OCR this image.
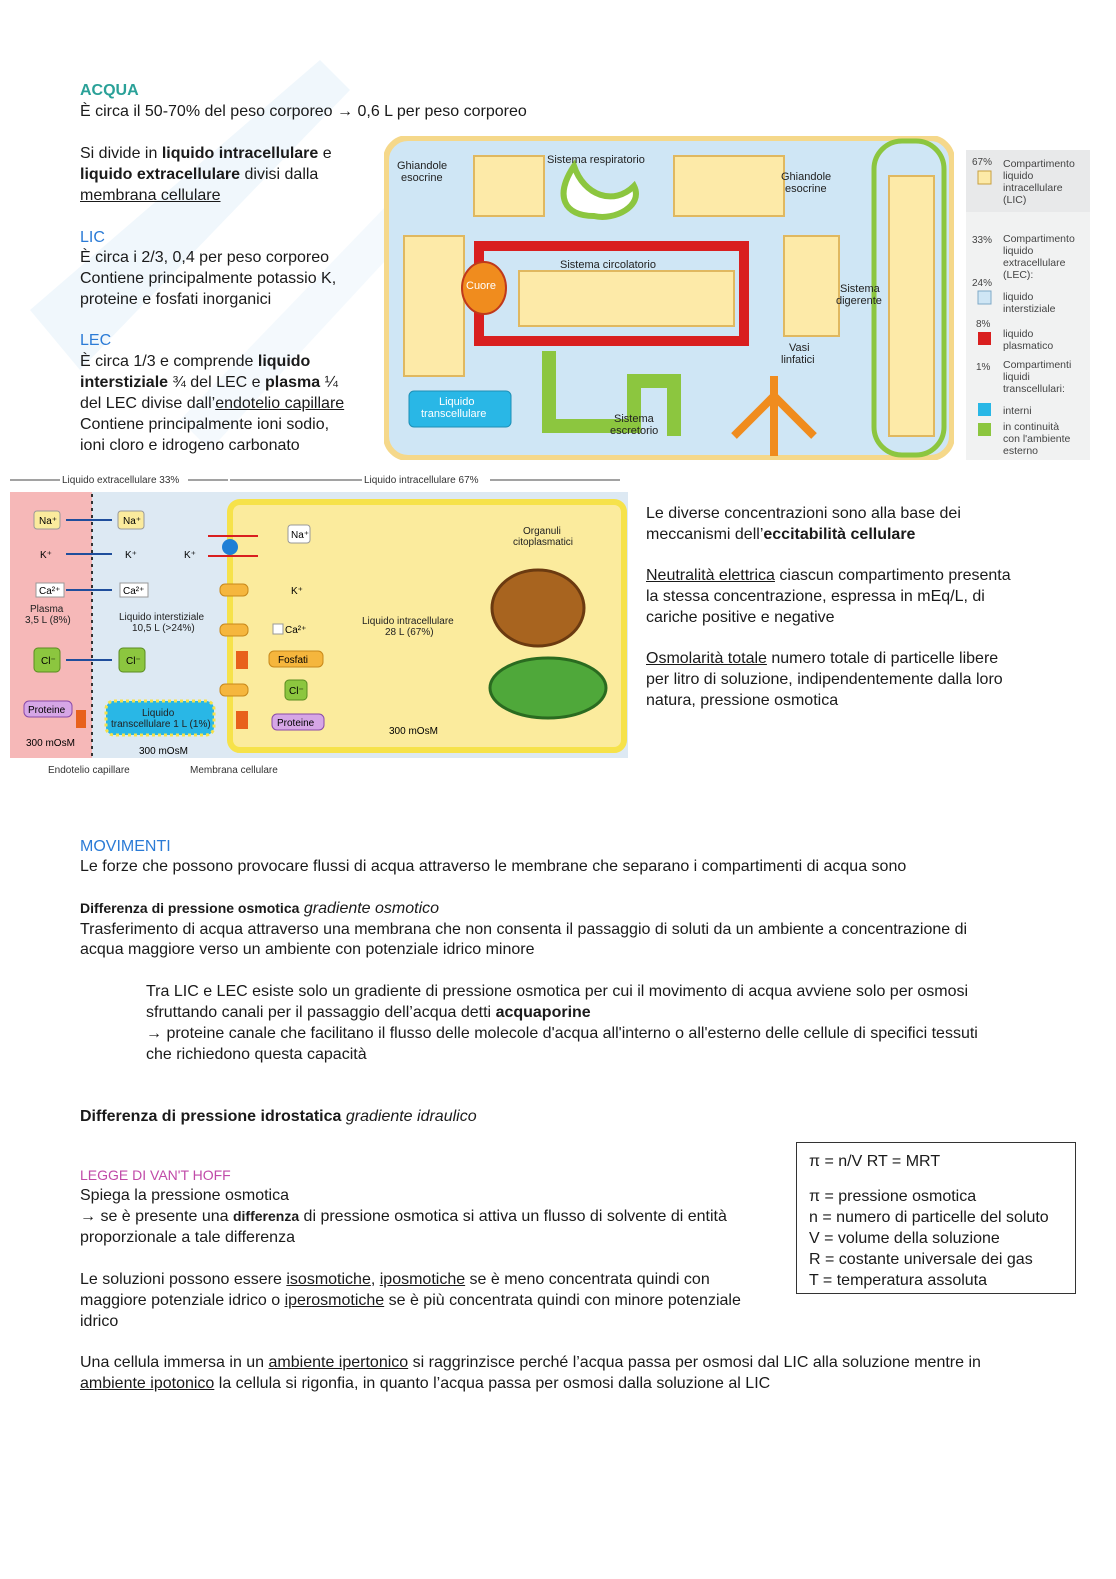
ACQUA
È circa il 50-70% del peso corporeo → 0,6 L per peso corporeo
Si divide in liquido intracellulare e
liquido extracellulare divisi dalla
membrana cellulare
LIC
È circa i 2/3, 0,4 per peso corporeo
Contiene principalmente potassio K,
proteine e fosfati inorganici
LEC
È circa 1/3 e comprende liquido
interstiziale ¾ del LEC e plasma ¼
del LEC divise dall’endotelio capillare
Contiene principalmente ioni sodio,
ioni cloro e idrogeno carbonato
Ghiandole esocrine
Sistema respiratorio
Ghiandole esocrine
Sistema circolatorio
Cuore	Sistema digerente
Vasi linfatici
Liquido transcellulare	Sistema escretorio
67% Compartimento liquido intracellulare (LIC)
33% Compartimento liquido extracellulare (LEC):
24%
liquido interstiziale
8%
liquido plasmatico
1% Compartimenti liquidi transcellulari:
interni
in continuità con l'ambiente esterno
Liquido extracellulare 33%	Liquido intracellulare 67%
Na⁺	Na⁺
Na⁺
K⁺	K⁺	K⁺
K⁺
Ca²⁺	Ca²⁺
Ca²⁺
Plasma 3,5 L (8%)	Liquido interstiziale 10,5 L (>24%)
Liquido intracellulare 28 L (67%)
Cl⁻	Cl⁻
Cl⁻
Fosfati
Proteine
Proteine
Liquido transcellulare 1 L (1%)
300 mOsM
300 mOsM
300 mOsM
Organuli citoplasmatici
Endotelio capillare	Membrana cellulare
Le diverse concentrazioni sono alla base dei
meccanismi dell’eccitabilità cellulare
Neutralità elettrica ciascun compartimento presenta
la stessa concentrazione, espressa in mEq/L, di
cariche positive e negative
Osmolarità totale numero totale di particelle libere
per litro di soluzione, indipendentemente dalla loro
natura, pressione osmotica
MOVIMENTI
Le forze che possono provocare flussi di acqua attraverso le membrane che separano i compartimenti di acqua sono
Differenza di pressione osmotica gradiente osmotico
Trasferimento di acqua attraverso una membrana che non consenta il passaggio di soluti da un ambiente a concentrazione di
acqua maggiore verso un ambiente con potenziale idrico minore
Tra LIC e LEC esiste solo un gradiente di pressione osmotica per cui il movimento di acqua avviene solo per osmosi
sfruttando canali per il passaggio dell’acqua detti acquaporine
→ proteine canale che facilitano il flusso delle molecole d'acqua all'interno o all'esterno delle cellule di specifici tessuti
che richiedono questa capacità
Differenza di pressione idrostatica gradiente idraulico
LEGGE DI VAN'T HOFF
Spiega la pressione osmotica
→ se è presente una differenza di pressione osmotica si attiva un flusso di solvente di entità
proporzionale a tale differenza
Le soluzioni possono essere isosmotiche, iposmotiche se è meno concentrata quindi con
maggiore potenziale idrico o iperosmotiche se è più concentrata quindi con minore potenziale
idrico
Una cellula immersa in un ambiente ipertonico si raggrinzisce perché l’acqua passa per osmosi dal LIC alla soluzione mentre in
ambiente ipotonico la cellula si rigonfia, in quanto l’acqua passa per osmosi dalla soluzione al LIC
π = n/V RT = MRT
π = pressione osmotica
n = numero di particelle del soluto
V = volume della soluzione
R = costante universale dei gas
T = temperatura assoluta
